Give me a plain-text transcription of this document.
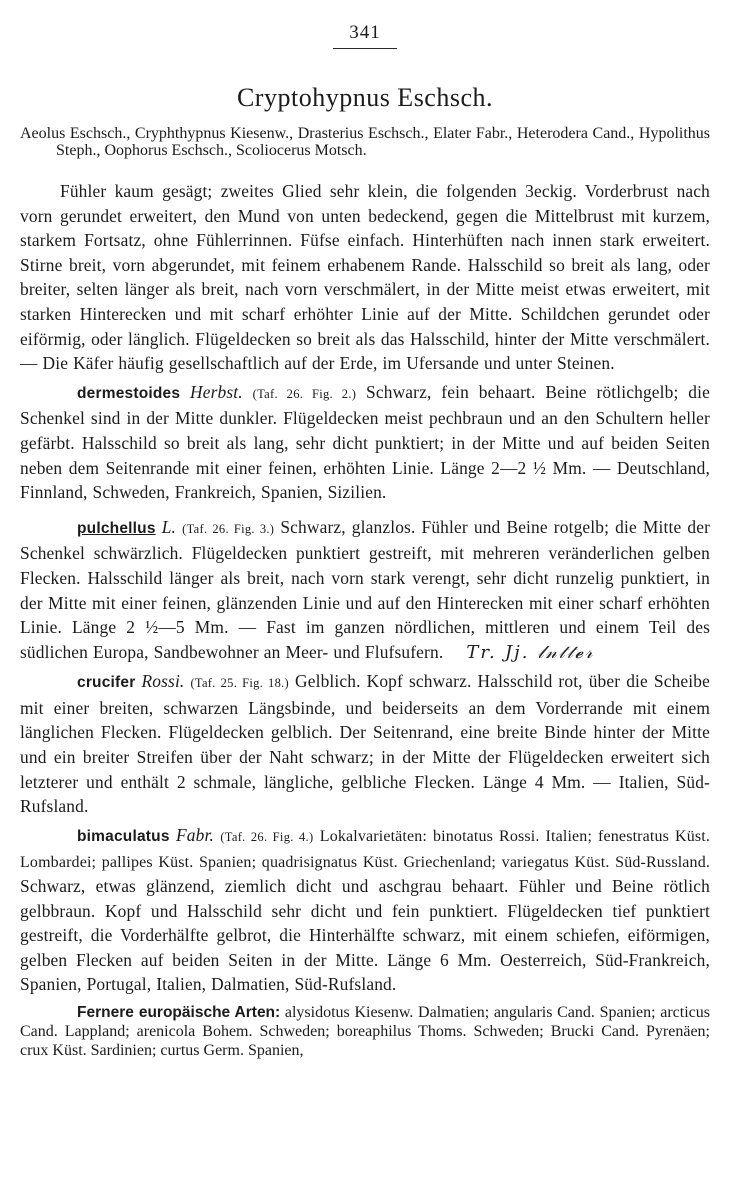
341
Cryptohypnus Eschsch.
Aeolus Eschsch., Cryphthypnus Kiesenw., Drasterius Eschsch., Elater Fabr., Heterodera Cand., Hypolithus Steph., Oophorus Eschsch., Scoliocerus Motsch.
Fühler kaum gesägt; zweites Glied sehr klein, die folgenden 3eckig. Vorderbrust nach vorn gerundet erweitert, den Mund von unten bedeckend, gegen die Mittelbrust mit kurzem, starkem Fortsatz, ohne Fühlerrinnen. Füfse einfach. Hinterhüften nach innen stark erweitert. Stirne breit, vorn abgerundet, mit feinem erhabenem Rande. Halsschild so breit als lang, oder breiter, selten länger als breit, nach vorn verschmälert, in der Mitte meist etwas erweitert, mit starken Hinterecken und mit scharf erhöhter Linie auf der Mitte. Schildchen gerundet oder eiförmig, oder länglich. Flügeldecken so breit als das Halsschild, hinter der Mitte verschmälert. — Die Käfer häufig gesellschaftlich auf der Erde, im Ufersande und unter Steinen.
dermestoides Herbst. (Taf. 26. Fig. 2.) Schwarz, fein behaart. Beine rötlichgelb; die Schenkel sind in der Mitte dunkler. Flügeldecken meist pechbraun und an den Schultern heller gefärbt. Halsschild so breit als lang, sehr dicht punktiert; in der Mitte und auf beiden Seiten neben dem Seitenrande mit einer feinen, erhöhten Linie. Länge 2—2 ½ Mm. — Deutschland, Finnland, Schweden, Frankreich, Spanien, Sizilien.
pulchellus L. (Taf. 26. Fig. 3.) Schwarz, glanzlos. Fühler und Beine rotgelb; die Mitte der Schenkel schwärzlich. Flügeldecken punktiert gestreift, mit mehreren veränderlichen gelben Flecken. Halsschild länger als breit, nach vorn stark verengt, sehr dicht runzelig punktiert, in der Mitte mit einer feinen, glänzenden Linie und auf den Hinterecken mit einer scharf erhöhten Linie. Länge 2 ½—5 Mm. — Fast im ganzen nördlichen, mittleren und einem Teil des südlichen Europa, Sandbewohner an Meer- und Flufsufern. Tr. Jj. 𝓁𝓃𝓉𝓉𝓮𝓇
crucifer Rossi. (Taf. 25. Fig. 18.) Gelblich. Kopf schwarz. Halsschild rot, über die Scheibe mit einer breiten, schwarzen Längsbinde, und beiderseits an dem Vorderrande mit einem länglichen Flecken. Flügeldecken gelblich. Der Seitenrand, eine breite Binde hinter der Mitte und ein breiter Streifen über der Naht schwarz; in der Mitte der Flügeldecken erweitert sich letzterer und enthält 2 schmale, längliche, gelbliche Flecken. Länge 4 Mm. — Italien, Süd-Rufsland.
bimaculatus Fabr. (Taf. 26. Fig. 4.) Lokalvarietäten: binotatus Rossi. Italien; fenestratus Küst. Lombardei; pallipes Küst. Spanien; quadrisignatus Küst. Griechenland; variegatus Küst. Süd-Russland. Schwarz, etwas glänzend, ziemlich dicht und aschgrau behaart. Fühler und Beine rötlich gelbbraun. Kopf und Halsschild sehr dicht und fein punktiert. Flügeldecken tief punktiert gestreift, die Vorderhälfte gelbrot, die Hinterhälfte schwarz, mit einem schiefen, eiförmigen, gelben Flecken auf beiden Seiten in der Mitte. Länge 6 Mm. Oesterreich, Süd-Frankreich, Spanien, Portugal, Italien, Dalmatien, Süd-Rufsland.
Fernere europäische Arten: alysidotus Kiesenw. Dalmatien; angularis Cand. Spanien; arcticus Cand. Lappland; arenicola Bohem. Schweden; boreaphilus Thoms. Schweden; Brucki Cand. Pyrenäen; crux Küst. Sardinien; curtus Germ. Spanien,
